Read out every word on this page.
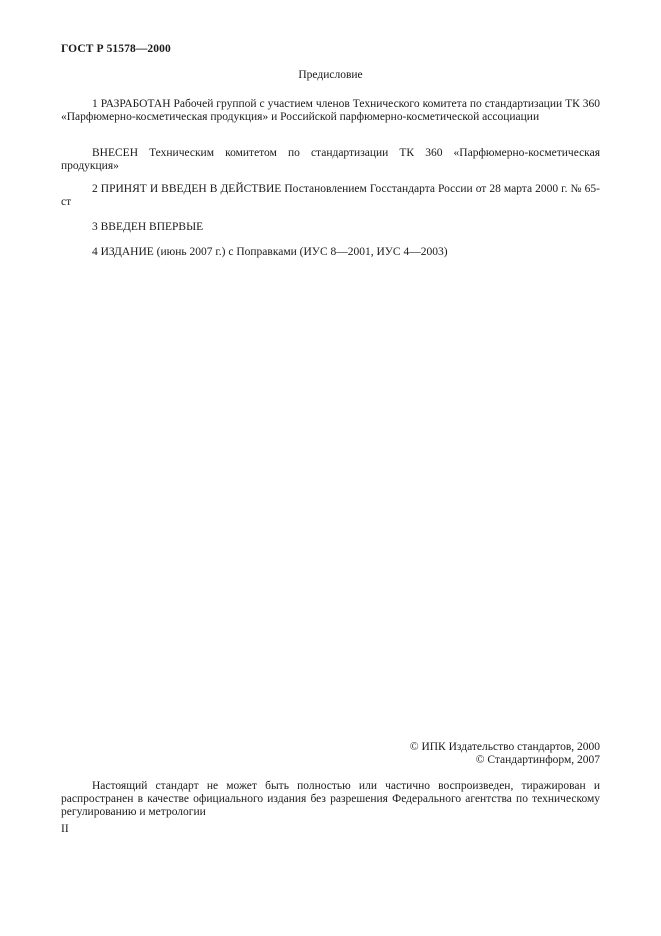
ГОСТ Р 51578—2000
Предисловие

1 РАЗРАБОТАН Рабочей группой с участием членов Технического комитета по стандартизации ТК 360 «Парфюмерно-косметическая продукция» и Российской парфюмерно-косметической ассоциации

ВНЕСЕН Техническим комитетом по стандартизации ТК 360 «Парфюмерно-косметическая продукция»

2 ПРИНЯТ И ВВЕДЕН В ДЕЙСТВИЕ Постановлением Госстандарта России от 28 марта 2000 г. № 65-ст

3 ВВЕДЕН ВПЕРВЫЕ

4 ИЗДАНИЕ (июнь 2007 г.) с Поправками (ИУС 8—2001, ИУС 4—2003)

© ИПК Издательство стандартов, 2000
© Стандартинформ, 2007

Настоящий стандарт не может быть полностью или частично воспроизведен, тиражирован и распространен в качестве официального издания без разрешения Федерального агентства по техническому регулированию и метрологии

II
